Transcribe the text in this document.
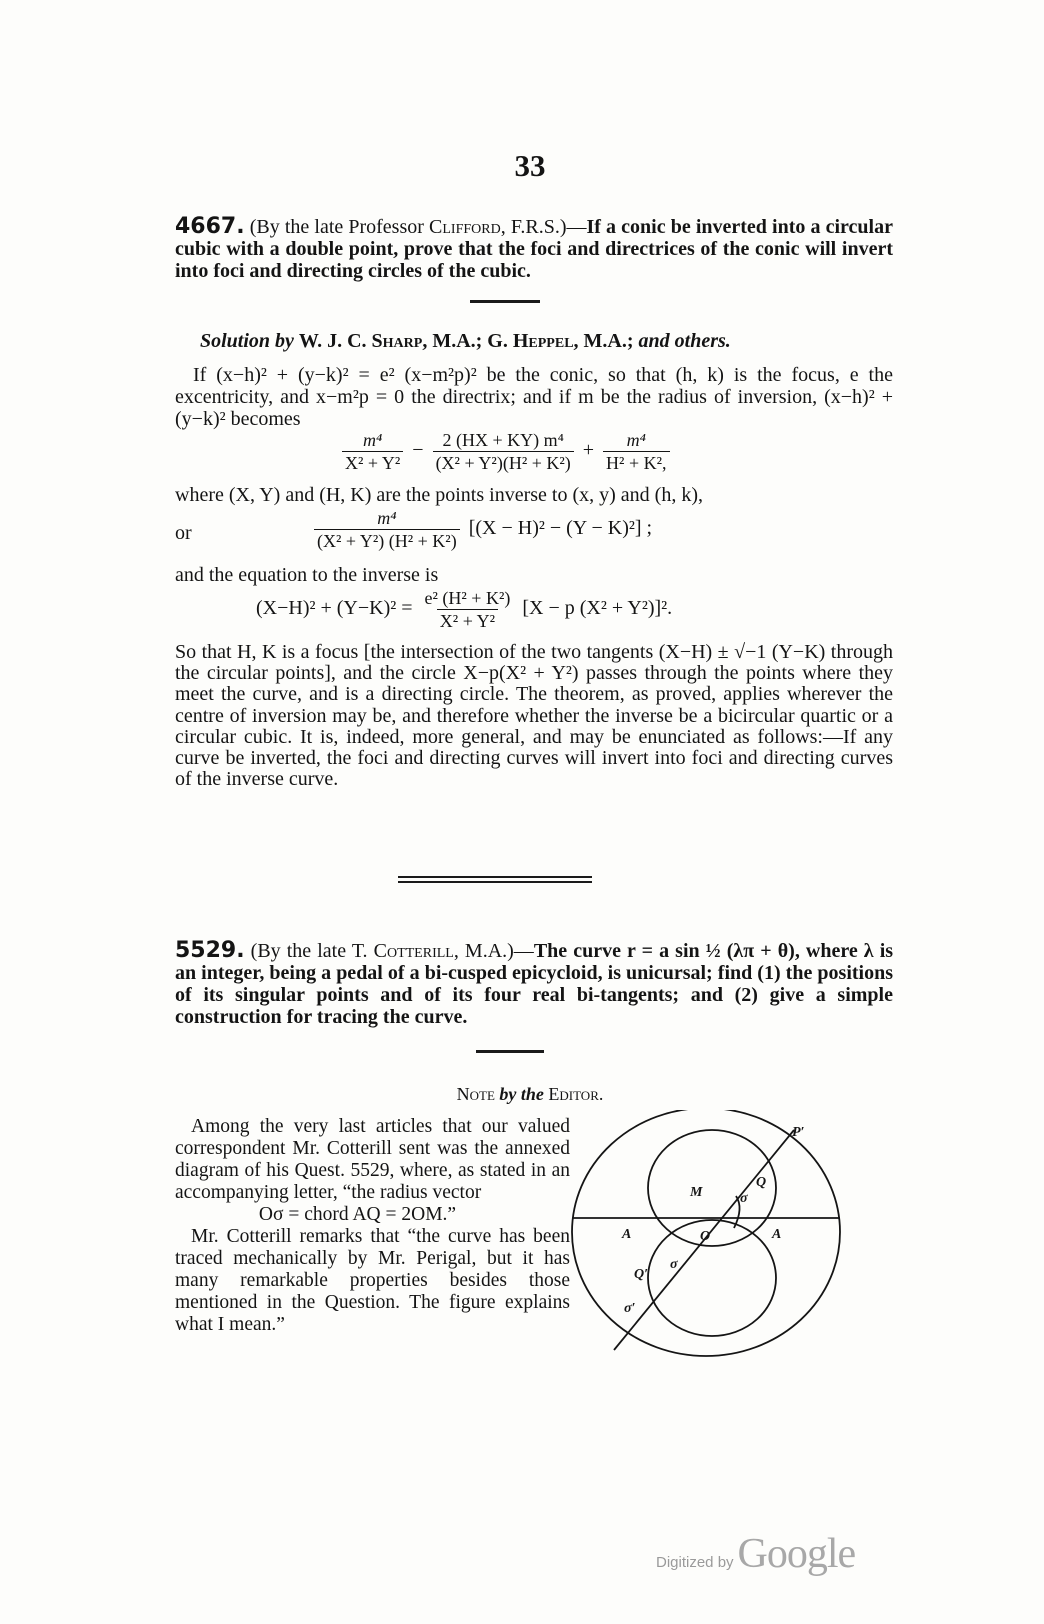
33

4667. (By the late Professor Clifford, F.R.S.)—If a conic be inverted into a circular cubic with a double point, prove that the foci and directrices of the conic will invert into foci and directing circles of the cubic.

Solution by W. J. C. Sharp, M.A.; G. Heppel, M.A.; and others.

If (x−h)² + (y−k)² = e² (x−m²p)² be the conic, so that (h, k) is the focus, e the excentricity, and x−m²p = 0 the directrix; and if m be the radius of inversion, (x−h)² + (y−k)² becomes

$\frac{\text{m⁴}}{\text{X² + Y²}} - \frac{\text{2 (HX + KY) m⁴}}{\text{(X² + Y²)(H² + K²)}} + \frac{\text{m⁴}}{\text{H² + K²,}}$

where (X, Y) and (H, K) are the points inverse to (x, y) and (h, k),

or	$\frac{\text{m⁴}}{\text{(X² + Y²) (H² + K²)}} [(X - H)^2 - (Y - K)^2]$ ;

and the equation to the inverse is

$(X-H)^2 + (Y-K)^2 = \frac{\text{e² (H² + K²)}}{\text{X² + Y²}} [X - p$ (X² + Y²)]².

So that H, K is a focus [the intersection of the two tangents (X−H) ± √−1 (Y−K) through the circular points], and the circle X−p(X² + Y²) passes through the points where they meet the curve, and is a directing circle. The theorem, as proved, applies wherever the centre of inversion may be, and therefore whether the inverse be a bicircular quartic or a circular cubic. It is, indeed, more general, and may be enunciated as follows:—If any curve be inverted, the foci and directing curves will invert into foci and directing curves of the inverse curve.

5529. (By the late T. Cotterill, M.A.)—The curve r = a sin ½ (λπ + θ), where λ is an integer, being a pedal of a bi-cusped epicycloid, is unicursal; find (1) the positions of its singular points and of its four real bi-tangents; and (2) give a simple construction for tracing the curve.

Note by the Editor.

Among the very last articles that our valued correspondent Mr. Cotterill sent was the annexed diagram of his Quest. 5529, where, as stated in an accompanying letter, “the radius vector

Oσ = chord AQ = 2OM.”

Mr. Cotterill remarks that “the curve has been traced mechanically by Mr. Perigal, but it has many remarkable properties besides those mentioned in the Question. The figure explains what I mean.”

P′
Q
σ
M
A	O	A
Q′
σ
σ′
Digitized by Google
